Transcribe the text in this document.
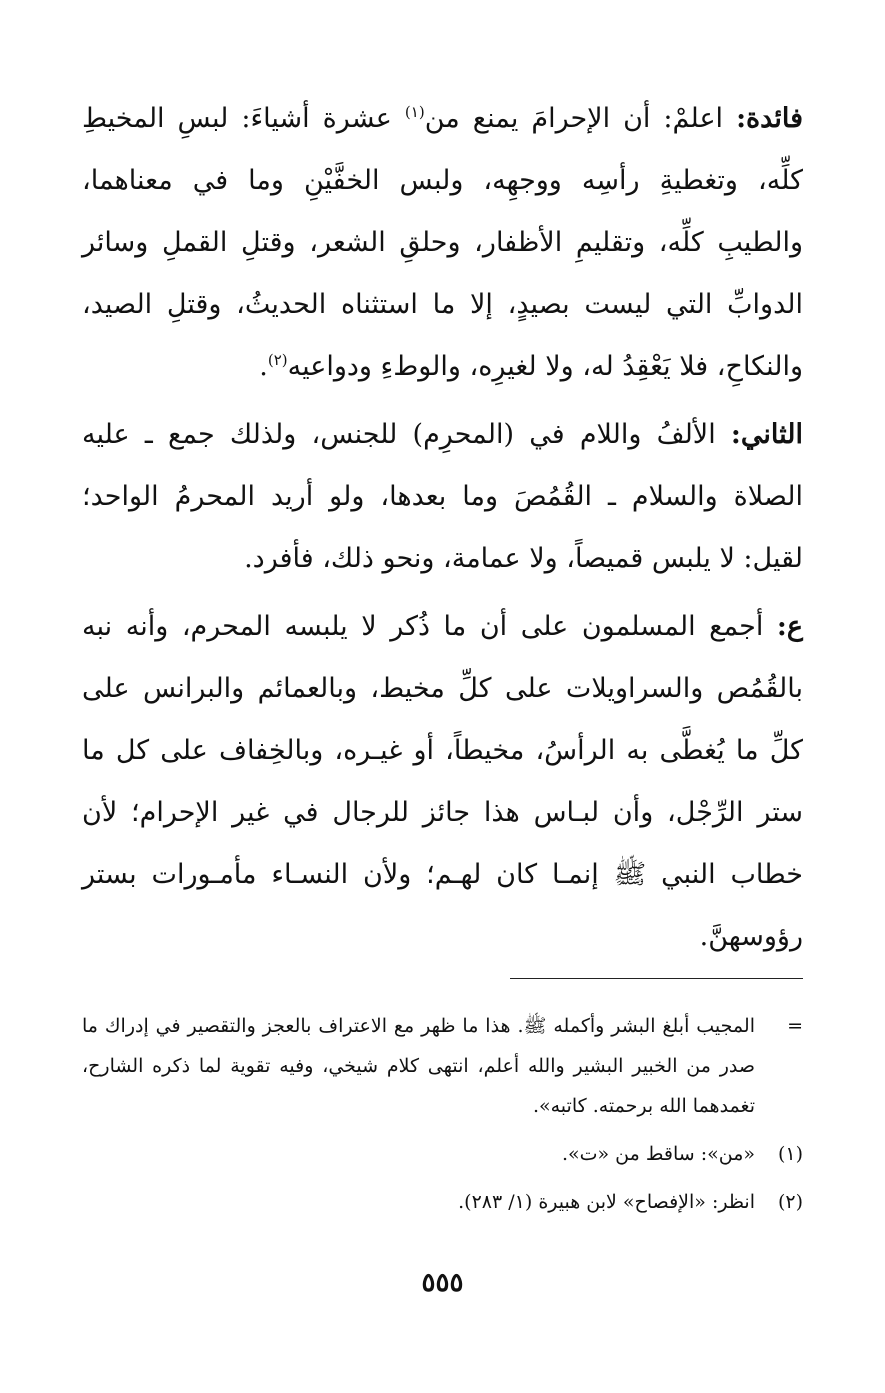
فائدة: اعلمْ: أن الإحرامَ يمنع من$^{(١)}$ عشرة أشياءَ: لبسِ المخيطِ كلِّه، وتغطيةِ رأسِه ووجهِه، ولبس الخفَّيْنِ وما في معناهما، والطيبِ كلِّه، وتقليمِ الأظفار، وحلقِ الشعر، وقتلِ القملِ وسائر الدوابِّ التي ليست بصيدٍ، إلا ما استثناه الحديثُ، وقتلِ الصيد، والنكاحِ، فلا يَعْقِدُ له، ولا لغيرِه، والوطءِ ودواعيه$^{(٢)}$.

الثاني: الألفُ واللام في (المحرِم) للجنس، ولذلك جمع ـ عليه الصلاة والسلام ـ القُمُصَ وما بعدها، ولو أريد المحرمُ الواحد؛ لقيل: لا يلبس قميصاً، ولا عمامة، ونحو ذلك، فأفرد.

ع: أجمع المسلمون على أن ما ذُكر لا يلبسه المحرم، وأنه نبه بالقُمُص والسراويلات على كلِّ مخيط، وبالعمائم والبرانس على كلِّ ما يُغطَّى به الرأسُ، مخيطاً، أو غيـره، وبالخِفاف على كل ما ستر الرِّجْل، وأن لبـاس هذا جائز للرجال في غير الإحرام؛ لأن خطاب النبي ﷺ إنمـا كان لهـم؛ ولأن النسـاء مأمـورات بستر رؤوسهنَّ.

=
المجيب أبلغ البشر وأكمله ﷺ. هذا ما ظهر مع الاعتراف بالعجز والتقصير في إدراك ما صدر من الخبير البشير والله أعلم، انتهى كلام شيخي، وفيه تقوية لما ذكره الشارح، تغمدهما الله برحمته. كاتبه».
(١)
«من»: ساقط من «ت».
(٢)
انظر: «الإفصاح» لابن هبيرة (١/ ٢٨٣).
٥٥٥
